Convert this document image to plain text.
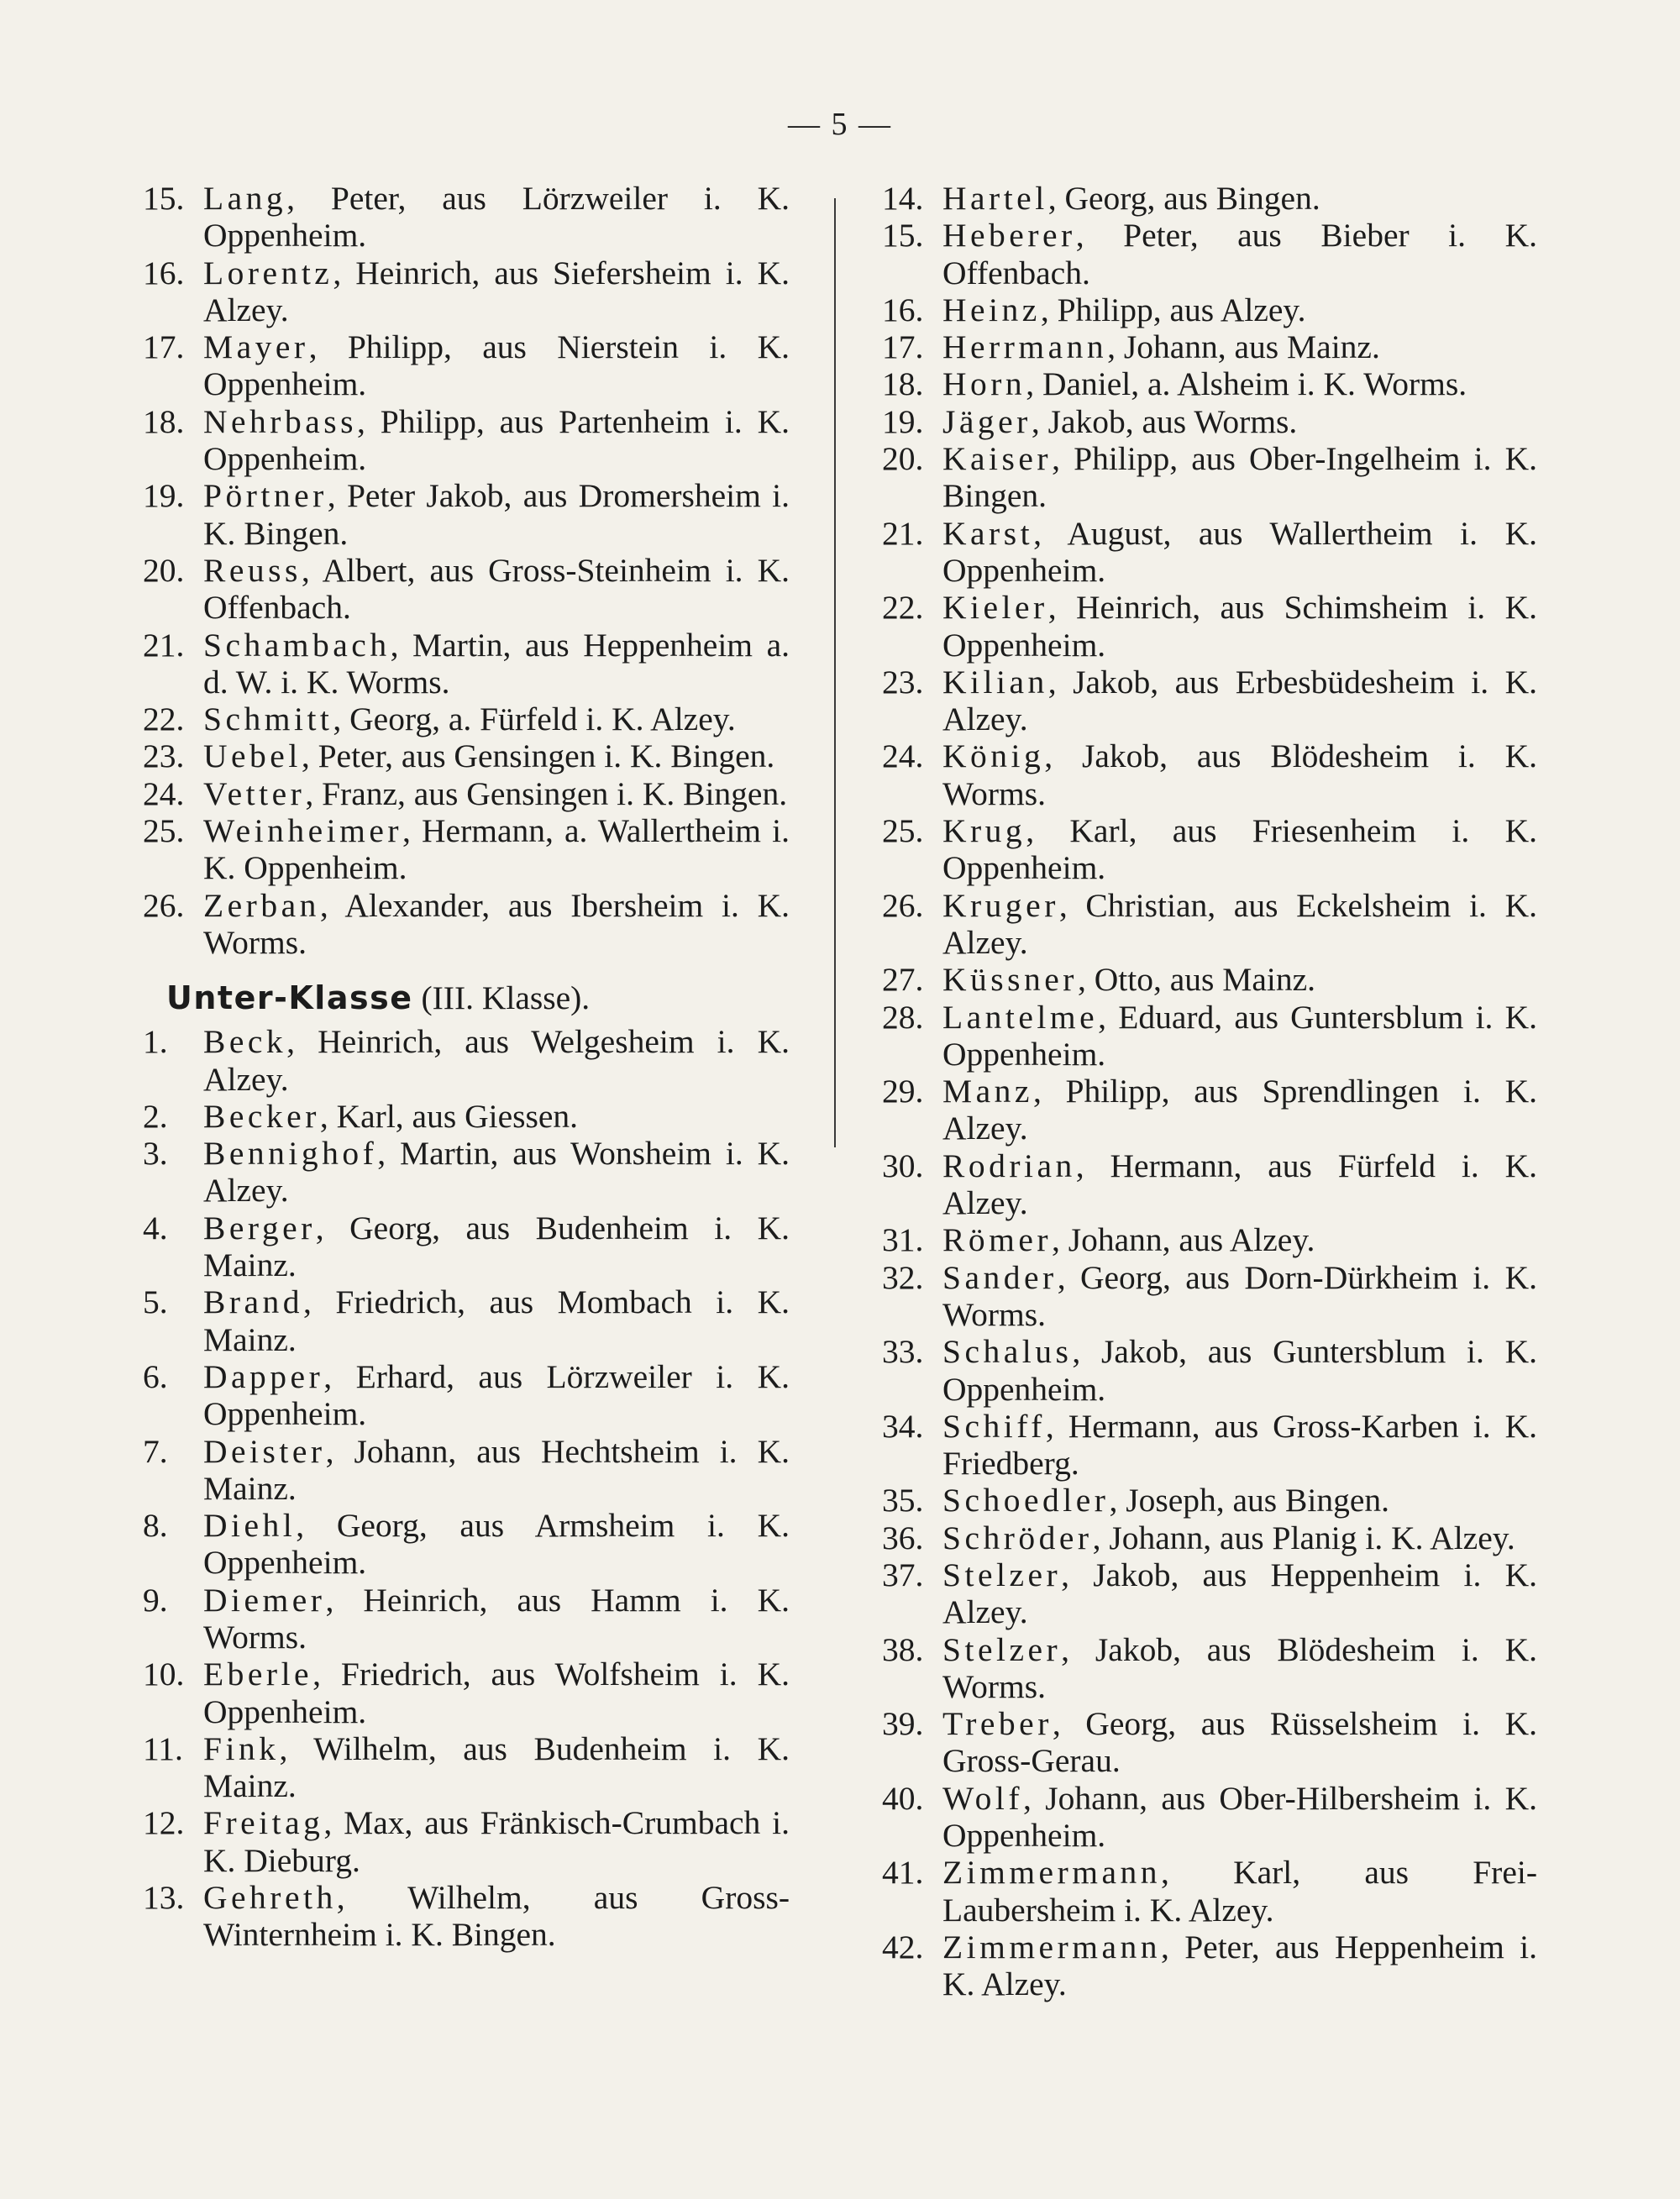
— 5 —
15. Lang, Peter, aus Lörzweiler i. K. Oppenheim.
16. Lorentz, Heinrich, aus Siefersheim i. K. Alzey.
17. Mayer, Philipp, aus Nierstein i. K. Oppenheim.
18. Nehrbass, Philipp, aus Partenheim i. K. Oppenheim.
19. Pörtner, Peter Jakob, aus Dromersheim i. K. Bingen.
20. Reuss, Albert, aus Gross-Steinheim i. K. Offenbach.
21. Schambach, Martin, aus Heppenheim a. d. W. i. K. Worms.
22. Schmitt, Georg, a. Fürfeld i. K. Alzey.
23. Uebel, Peter, aus Gensingen i. K. Bingen.
24. Vetter, Franz, aus Gensingen i. K. Bingen.
25. Weinheimer, Hermann, a. Wallertheim i. K. Oppenheim.
26. Zerban, Alexander, aus Ibersheim i. K. Worms.
Unter-Klasse (III. Klasse).
1.	Beck, Heinrich, aus Welgesheim i. K. Alzey.
2.	Becker, Karl, aus Giessen.
3.	Bennighof, Martin, aus Wonsheim i. K. Alzey.
4.	Berger, Georg, aus Budenheim i. K. Mainz.
5.	Brand, Friedrich, aus Mombach i. K. Mainz.
6.	Dapper, Erhard, aus Lörzweiler i. K. Oppenheim.
7.	Deister, Johann, aus Hechtsheim i. K. Mainz.
8.	Diehl, Georg, aus Armsheim i. K. Oppenheim.
9.	Diemer, Heinrich, aus Hamm i. K. Worms.
10. Eberle, Friedrich, aus Wolfsheim i. K. Oppenheim.
11. Fink, Wilhelm, aus Budenheim i. K. Mainz.
12. Freitag, Max, aus Fränkisch-Crumbach i. K. Dieburg.
13. Gehreth, Wilhelm, aus Gross-Winternheim i. K. Bingen.
14. Hartel, Georg, aus Bingen.
15. Heberer, Peter, aus Bieber i. K. Offenbach.
16. Heinz, Philipp, aus Alzey.
17. Herrmann, Johann, aus Mainz.
18. Horn, Daniel, a. Alsheim i. K. Worms.
19. Jäger, Jakob, aus Worms.
20. Kaiser, Philipp, aus Ober-Ingelheim i. K. Bingen.
21. Karst, August, aus Wallertheim i. K. Oppenheim.
22. Kieler, Heinrich, aus Schimsheim i. K. Oppenheim.
23. Kilian, Jakob, aus Erbesbüdesheim i. K. Alzey.
24. König, Jakob, aus Blödesheim i. K. Worms.
25. Krug, Karl, aus Friesenheim i. K. Oppenheim.
26. Kruger, Christian, aus Eckelsheim i. K. Alzey.
27. Küssner, Otto, aus Mainz.
28. Lantelme, Eduard, aus Guntersblum i. K. Oppenheim.
29. Manz, Philipp, aus Sprendlingen i. K. Alzey.
30. Rodrian, Hermann, aus Fürfeld i. K. Alzey.
31. Römer, Johann, aus Alzey.
32. Sander, Georg, aus Dorn-Dürkheim i. K. Worms.
33. Schalus, Jakob, aus Guntersblum i. K. Oppenheim.
34. Schiff, Hermann, aus Gross-Karben i. K. Friedberg.
35. Schoedler, Joseph, aus Bingen.
36. Schröder, Johann, aus Planig i. K. Alzey.
37. Stelzer, Jakob, aus Heppenheim i. K. Alzey.
38. Stelzer, Jakob, aus Blödesheim i. K. Worms.
39. Treber, Georg, aus Rüsselsheim i. K. Gross-Gerau.
40. Wolf, Johann, aus Ober-Hilbersheim i. K. Oppenheim.
41. Zimmermann, Karl, aus Frei-Laubersheim i. K. Alzey.
42. Zimmermann, Peter, aus Heppenheim i. K. Alzey.
